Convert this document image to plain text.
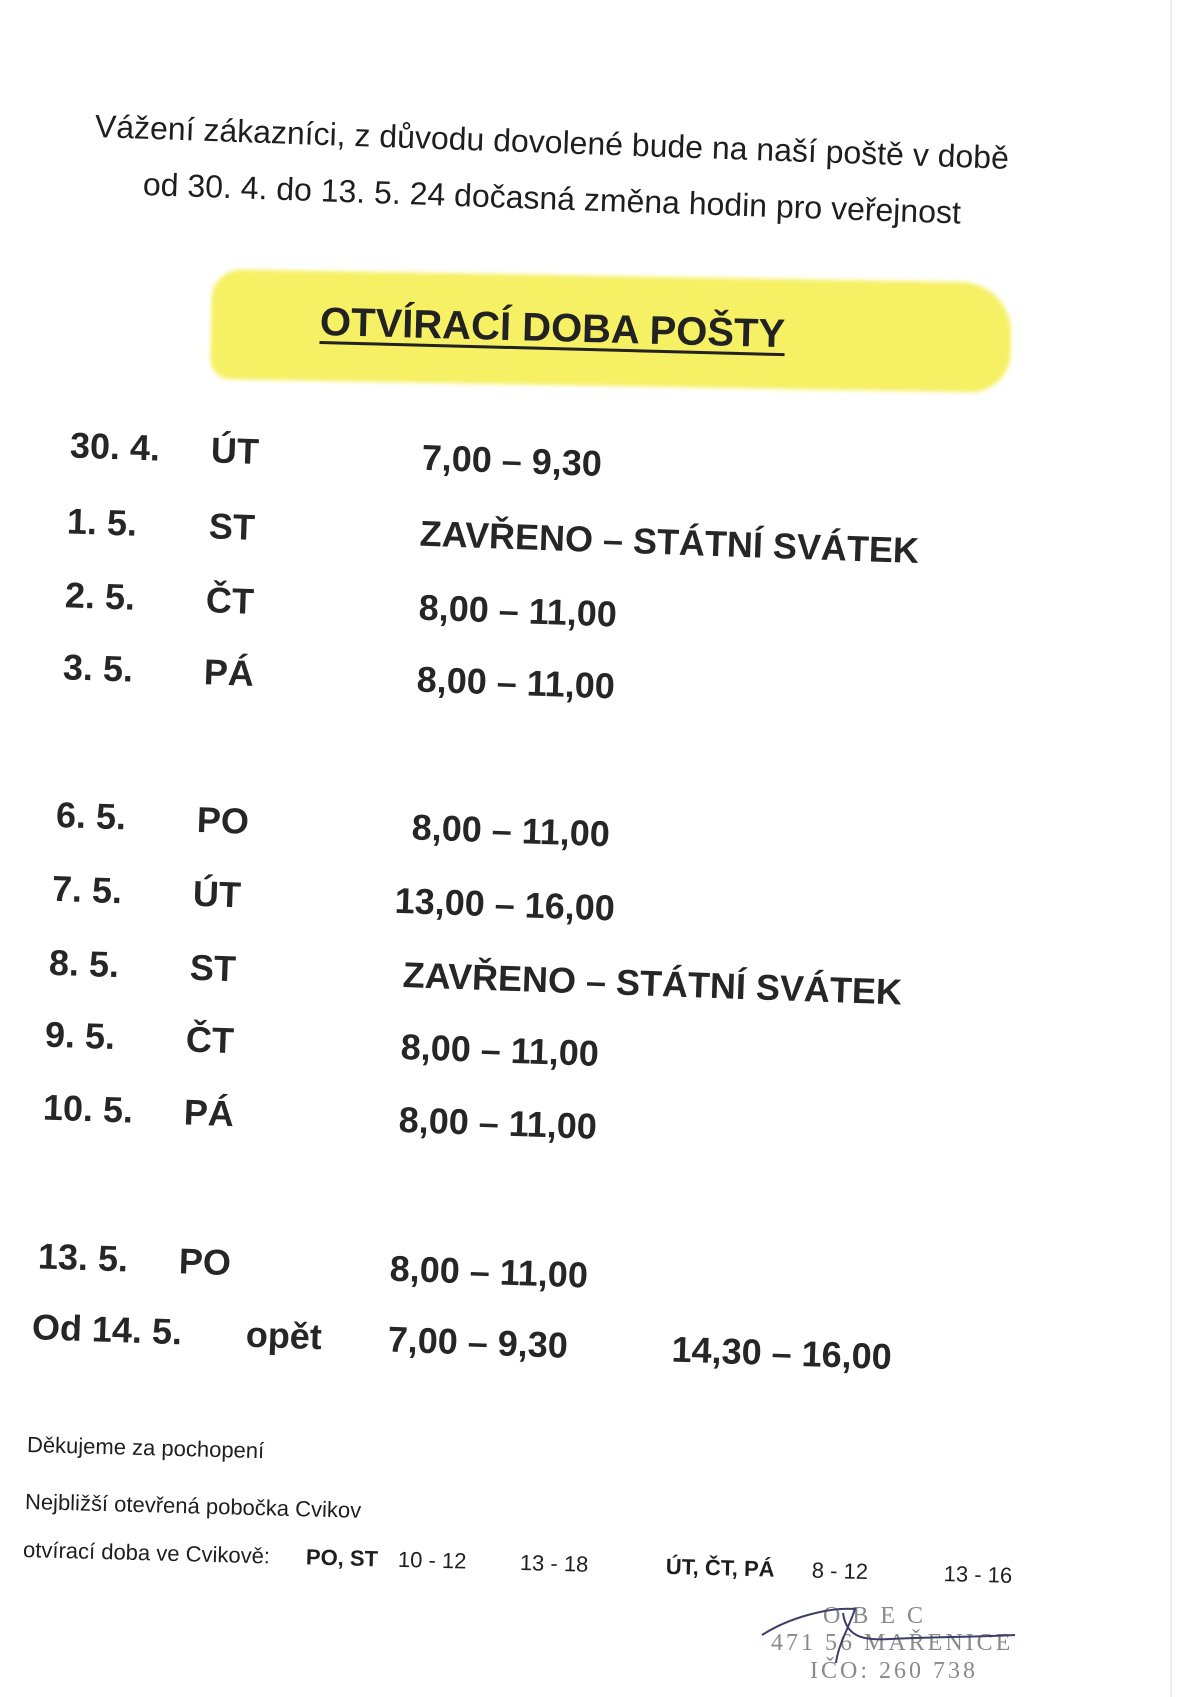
Vážení zákazníci, z důvodu dovolené bude na naší poště v době
od 30. 4. do 13. 5. 24 dočasná změna hodin pro veřejnost
OTVÍRACÍ DOBA POŠTY
30. 4. ÚT	7,00 – 9,30
1. 5. ST	ZAVŘENO – STÁTNÍ SVÁTEK
2. 5. ČT	8,00 – 11,00
3. 5. PÁ	8,00 – 11,00
6. 5. PO	8,00 – 11,00
7. 5. ÚT	13,00 – 16,00
8. 5. ST	ZAVŘENO – STÁTNÍ SVÁTEK
9. 5. ČT	8,00 – 11,00
10. 5. PÁ	8,00 – 11,00
13. 5. PO	8,00 – 11,00
Od 14. 5. opět 7,00 – 9,30	14,30 – 16,00
Děkujeme za pochopení
Nejbližší otevřená pobočka Cvikov
otvírací doba ve Cvikově: PO, ST 10 - 12 13 - 18	ÚT, ČT, PÁ 8 - 12	13 - 16
OBEC
471 56 MAŘENICE
IČO: 260 738
